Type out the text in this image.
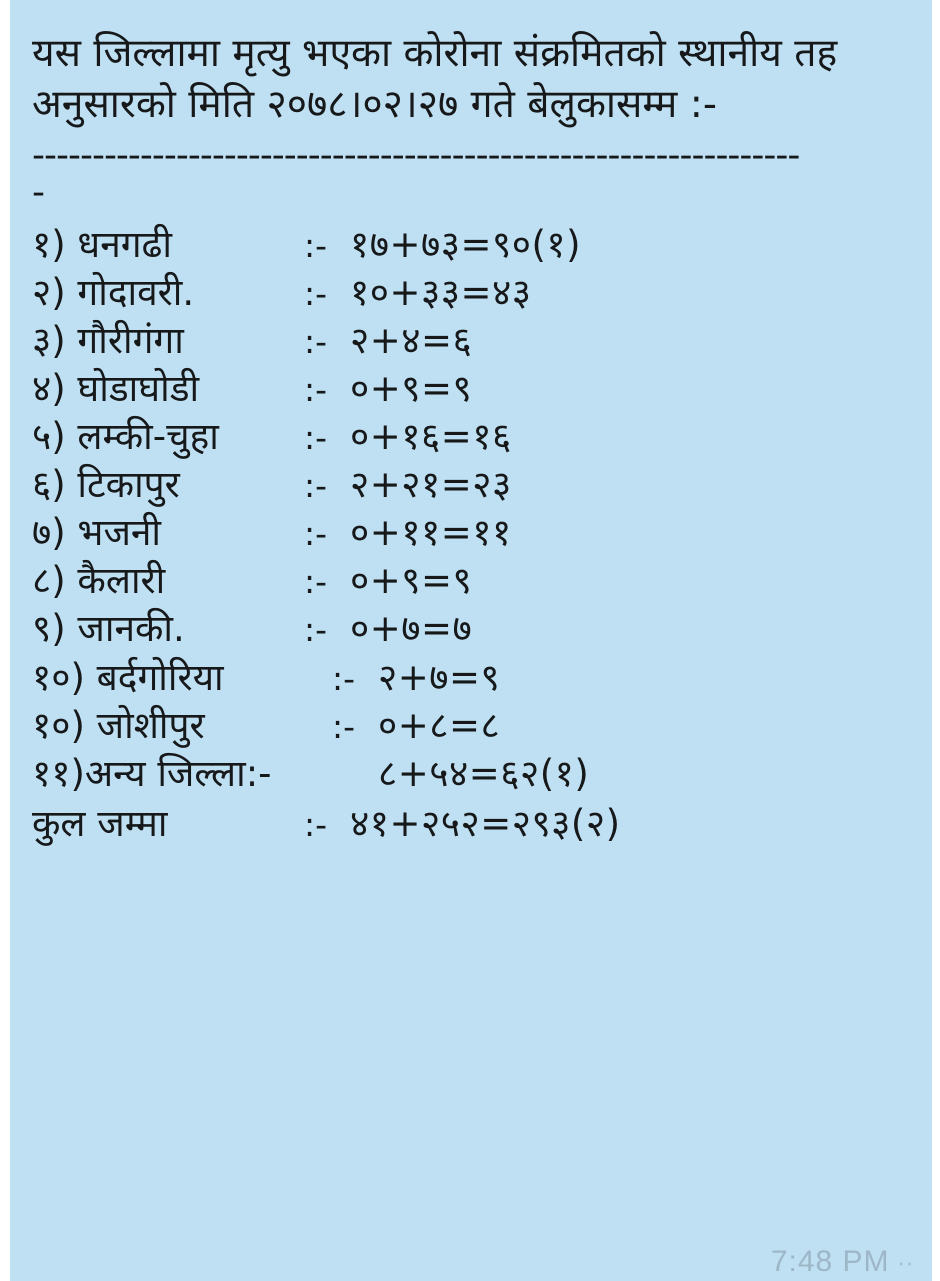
यस जिल्लामा मृत्यु भएका कोरोना संक्रमितको स्थानीय तह अनुसारको मिति २०७८।०२।२७ गते बेलुकासम्म :-

----------------------------------------------------------------
-
१) धनगढी	:- १७+७३=९०(१)
२) गोदावरी.	:- १०+३३=४३
३) गौरीगंगा	:- २+४=६
४) घोडाघोडी	:- ०+९=९
५) लम्की-चुहा	:- ०+१६=१६
६) टिकापुर	:- २+२१=२३
७) भजनी	:- ०+११=११
८) कैलारी	:- ०+९=९
९) जानकी.	:- ०+७=७
१०) बर्दगोरिया	:- २+७=९
१०) जोशीपुर	:- ०+८=८
११)अन्य जिल्ला:-	८+५४=६२(१)
कुल जम्मा	:- ४१+२५२=२९३(२)
7:48 PM ∙∙
